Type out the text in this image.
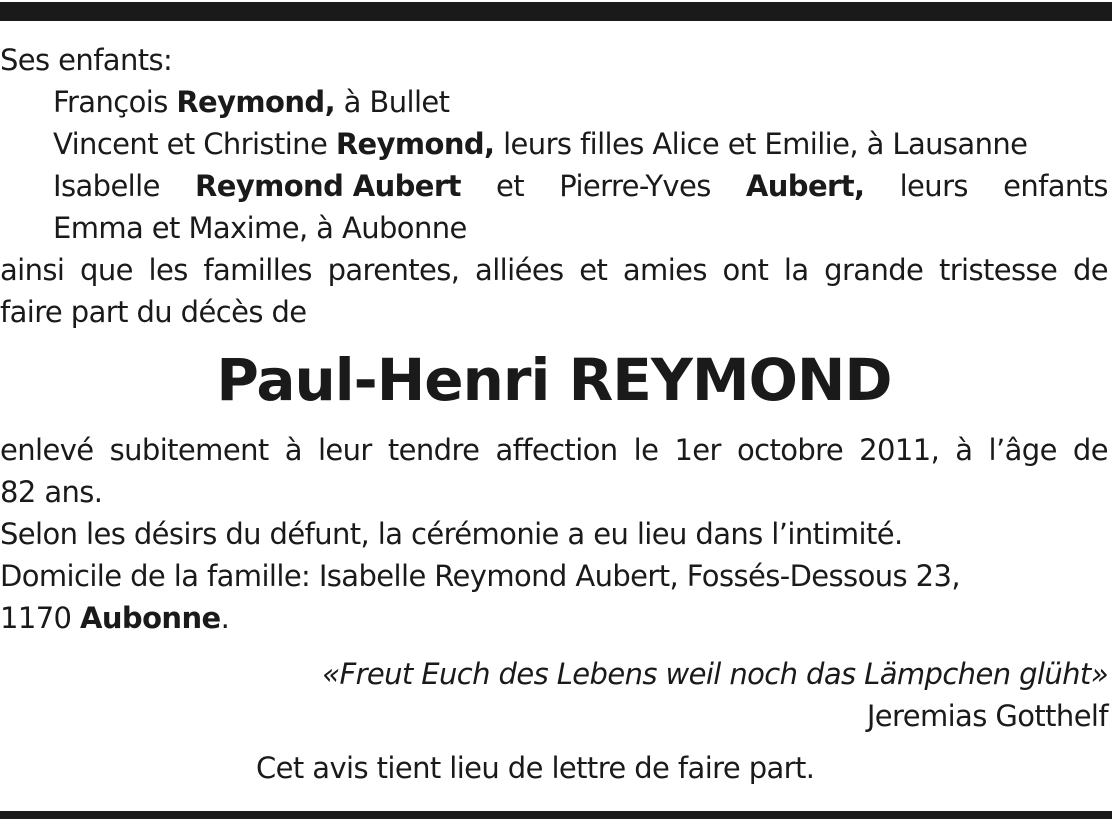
Ses enfants:
François Reymond, à Bullet
Vincent et Christine Reymond, leurs filles Alice et Emilie, à Lausanne
Isabelle Reymond Aubert et Pierre-Yves Aubert, leurs enfants
Emma et Maxime, à Aubonne
ainsi que les familles parentes, alliées et amies ont la grande tristesse de
faire part du décès de
Paul-Henri REYMOND
enlevé subitement à leur tendre affection le 1er octobre 2011, à l’âge de
82 ans.
Selon les désirs du défunt, la cérémonie a eu lieu dans l’intimité.
Domicile de la famille: Isabelle Reymond Aubert, Fossés-Dessous 23,
1170 Aubonne.
«Freut Euch des Lebens weil noch das Lämpchen glüht»
Jeremias Gotthelf
Cet avis tient lieu de lettre de faire part.
